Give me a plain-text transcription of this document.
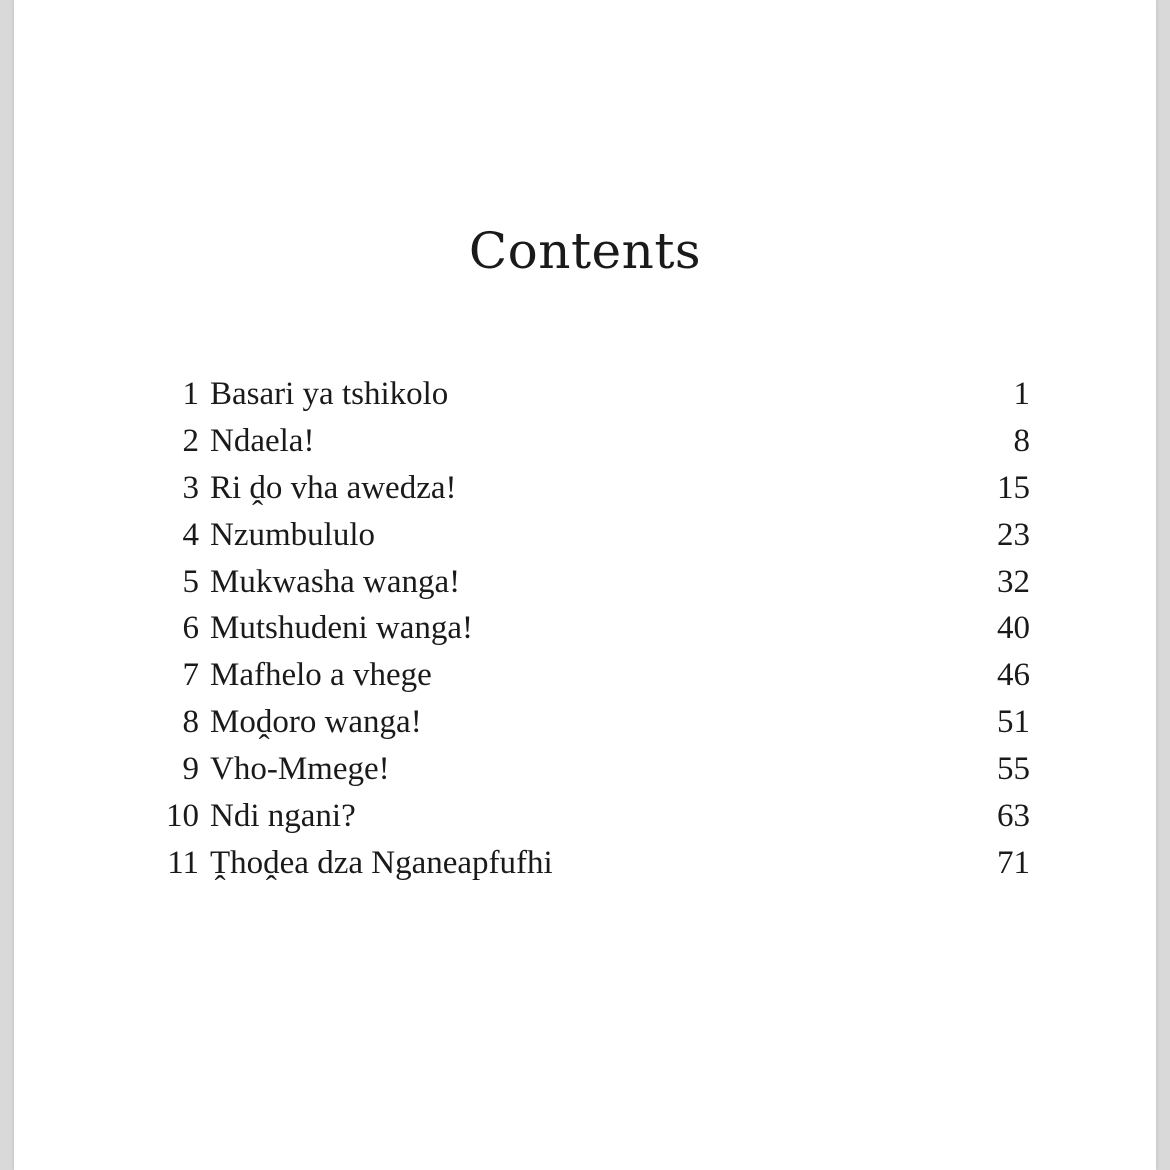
Contents
1 Basari ya tshikolo	1
2 Ndaela!	8
3 Ri ḓo vha awedza!	15
4 Nzumbululo	23
5 Mukwasha wanga!	32
6 Mutshudeni wanga!	40
7 Mafhelo a vhege	46
8 Moḓoro wanga!	51
9 Vho-Mmege!	55
10 Ndi ngani?	63
11 Ṱhoḓea dza Nganeapfufhi	71
